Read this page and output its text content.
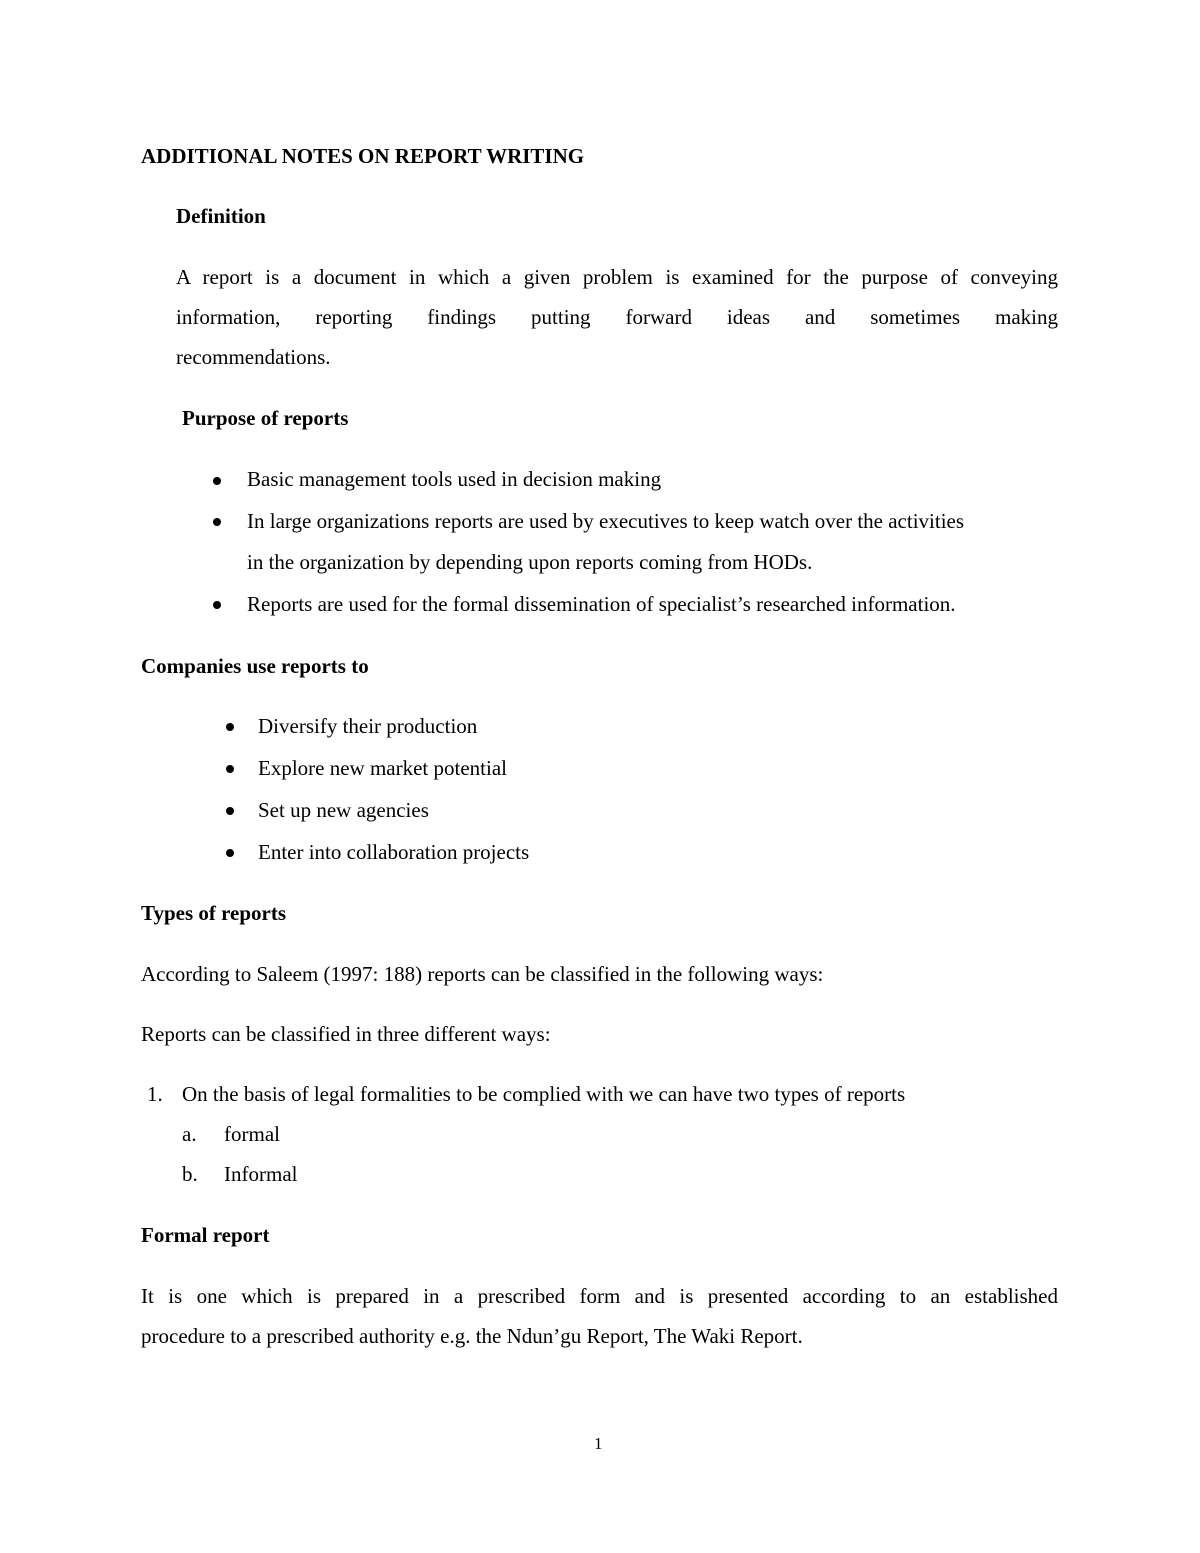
ADDITIONAL NOTES ON REPORT WRITING
Definition
A report is a document in which a given problem is examined for the purpose of conveying
information, reporting findings putting forward ideas and sometimes making
recommendations.
Purpose of reports
Basic management tools used in decision making
In large organizations reports are used by executives to keep watch over the activities
in the organization by depending upon reports coming from HODs.
Reports are used for the formal dissemination of specialist’s researched information.
Companies use reports to
Diversify their production
Explore new market potential
Set up new agencies
Enter into collaboration projects
Types of reports
According to Saleem (1997: 188) reports can be classified in the following ways:
Reports can be classified in three different ways:
1. On the basis of legal formalities to be complied with we can have two types of reports
a. formal
b. Informal
Formal report
It is one which is prepared in a prescribed form and is presented according to an established
procedure to a prescribed authority e.g. the Ndun’gu Report, The Waki Report.
1
